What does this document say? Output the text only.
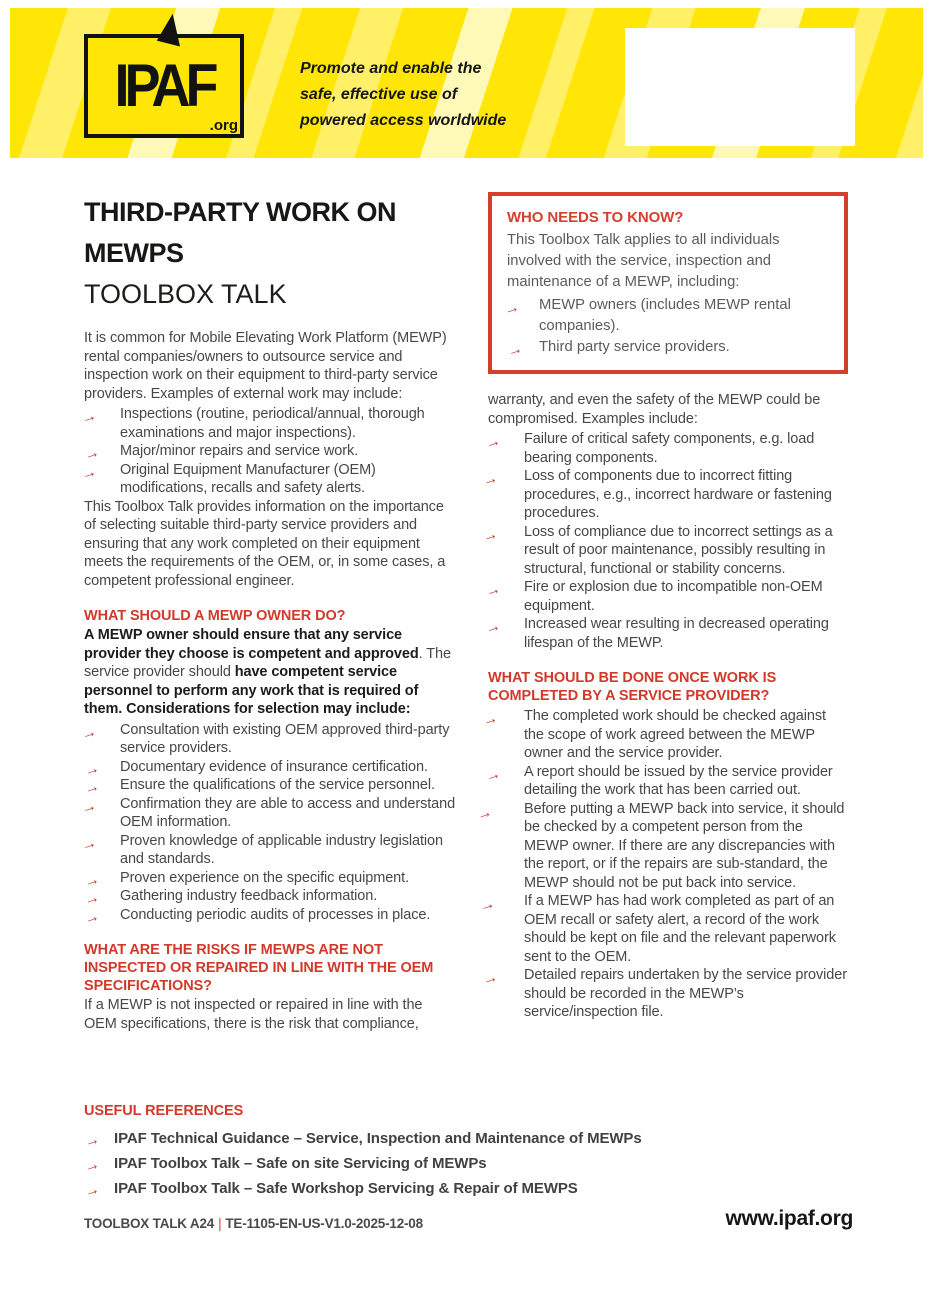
IPAF
.org
Promote and enable the
safe, effective use of
powered access worldwide
THIRD-PARTY WORK ON
MEWPS
TOOLBOX TALK

It is common for Mobile Elevating Work Platform (MEWP) rental companies/owners to outsource service and inspection work on their equipment to third-party service providers. Examples of external work may include:

→	Inspections (routine, periodical/annual, thorough examinations and major inspections).
→	Major/minor repairs and service work.
→	Original Equipment Manufacturer (OEM) modifications, recalls and safety alerts.

This Toolbox Talk provides information on the importance of selecting suitable third-party service providers and ensuring that any work completed on their equipment meets the requirements of the OEM, or, in some cases, a competent professional engineer.

WHAT SHOULD A MEWP OWNER DO?

A MEWP owner should ensure that any service provider they choose is competent and approved. The service provider should have competent service personnel to perform any work that is required of them. Considerations for selection may include:

→	Consultation with existing OEM approved third-party service providers.
→	Documentary evidence of insurance certification.
→	Ensure the qualifications of the service personnel.
→	Confirmation they are able to access and understand OEM information.
→	Proven knowledge of applicable industry legislation and standards.
→	Proven experience on the specific equipment.
→	Gathering industry feedback information.
→	Conducting periodic audits of processes in place.
WHAT ARE THE RISKS IF MEWPS ARE NOT INSPECTED OR REPAIRED IN LINE WITH THE OEM SPECIFICATIONS?

If a MEWP is not inspected or repaired in line with the OEM specifications, there is the risk that compliance,

WHO NEEDS TO KNOW?

This Toolbox Talk applies to all individuals involved with the service, inspection and maintenance of a MEWP, including:

→	MEWP owners (includes MEWP rental companies).
→ Third party service providers.

warranty, and even the safety of the MEWP could be compromised. Examples include:

→	Failure of critical safety components, e.g. load bearing components.
→	Loss of components due to incorrect fitting procedures, e.g., incorrect hardware or fastening procedures.
→	Loss of compliance due to incorrect settings as a result of poor maintenance, possibly resulting in structural, functional or stability concerns.
→	Fire or explosion due to incompatible non-OEM equipment.
→	Increased wear resulting in decreased operating lifespan of the MEWP.
WHAT SHOULD BE DONE ONCE WORK IS COMPLETED BY A SERVICE PROVIDER?
→	The completed work should be checked against the scope of work agreed between the MEWP owner and the service provider.
→	A report should be issued by the service provider detailing the work that has been carried out.
→	Before putting a MEWP back into service, it should be checked by a competent person from the MEWP owner. If there are any discrepancies with the report, or if the repairs are sub-standard, the MEWP should not be put back into service.
→	If a MEWP has had work completed as part of an OEM recall or safety alert, a record of the work should be kept on file and the relevant paperwork sent to the OEM.
→	Detailed repairs undertaken by the service provider should be recorded in the MEWP’s service/inspection file.
USEFUL REFERENCES
→ IPAF Technical Guidance – Service, Inspection and Maintenance of MEWPs
→ IPAF Toolbox Talk – Safe on site Servicing of MEWPs
→ IPAF Toolbox Talk – Safe Workshop Servicing & Repair of MEWPS
TOOLBOX TALK A24 | TE-1105-EN-US-V1.0-2025-12-08	www.ipaf.org
